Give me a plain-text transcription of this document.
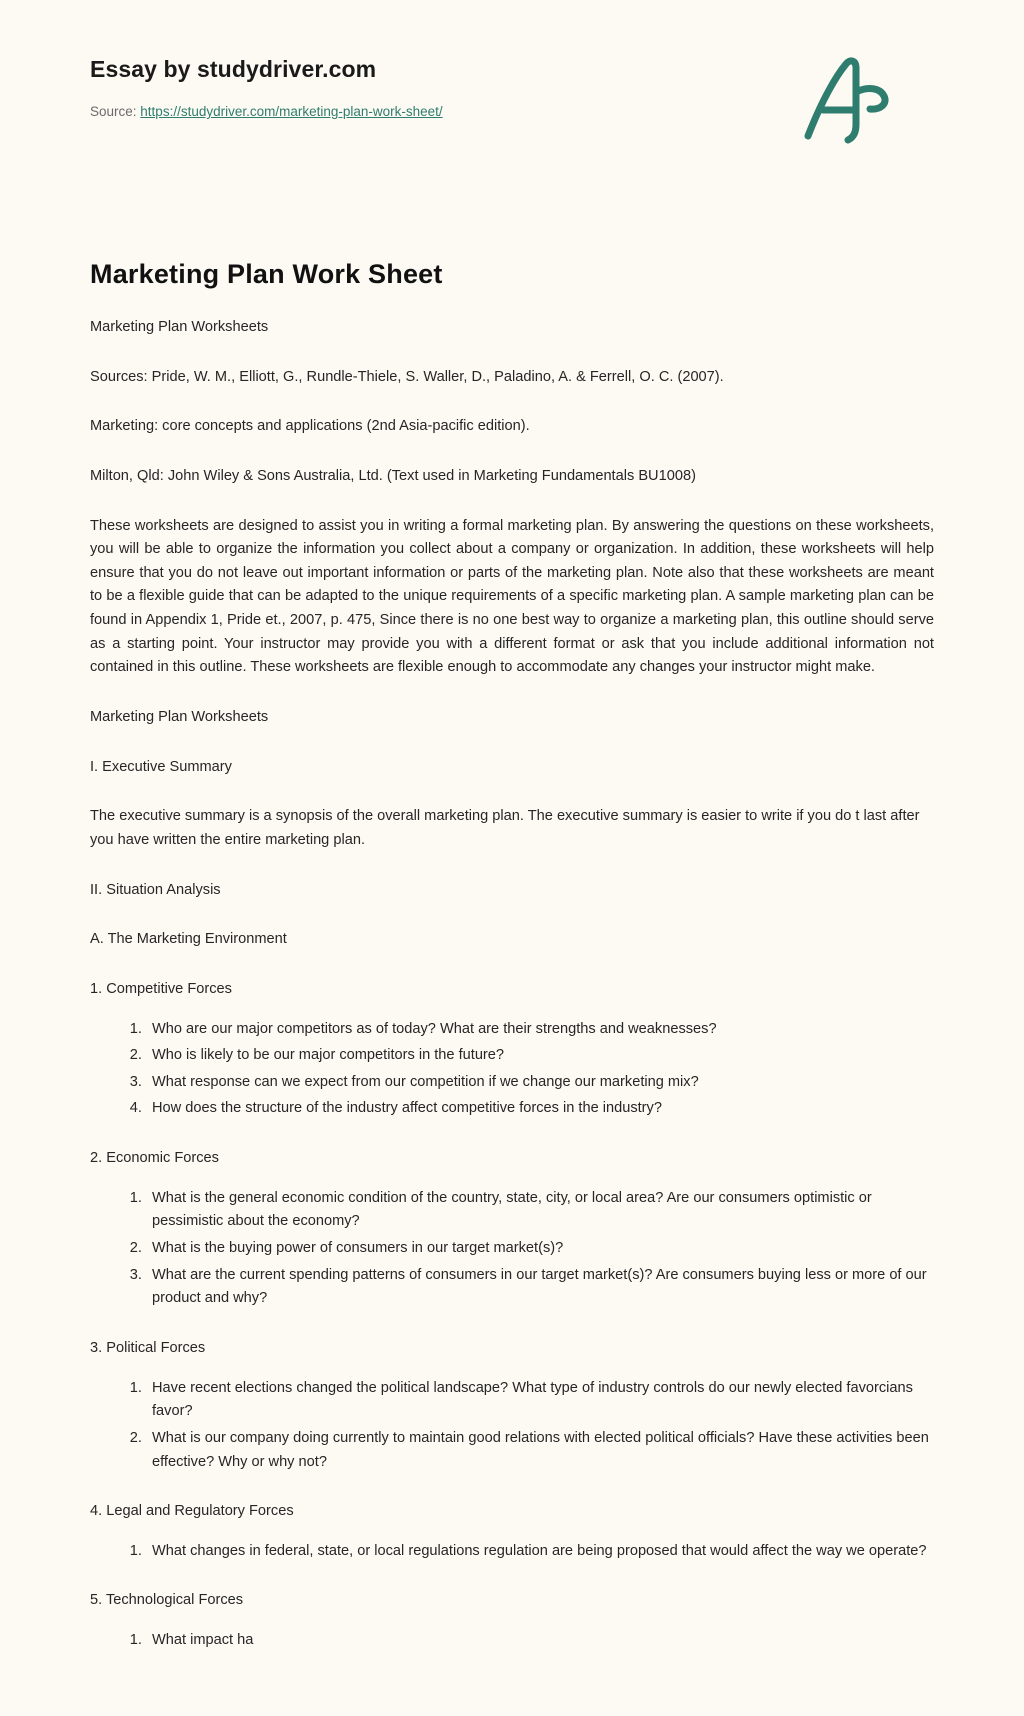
Essay by studydriver.com
Source: https://studydriver.com/marketing-plan-work-sheet/
Marketing Plan Work Sheet

Marketing Plan Worksheets

Sources: Pride, W. M., Elliott, G., Rundle-Thiele, S. Waller, D., Paladino, A. & Ferrell, O. C. (2007).

Marketing: core concepts and applications (2nd Asia-pacific edition).

Milton, Qld: John Wiley & Sons Australia, Ltd. (Text used in Marketing Fundamentals BU1008)

These worksheets are designed to assist you in writing a formal marketing plan. By answering the questions on these worksheets, you will be able to organize the information you collect about a company or organization. In addition, these worksheets will help ensure that you do not leave out important information or parts of the marketing plan. Note also that these worksheets are meant to be a flexible guide that can be adapted to the unique requirements of a specific marketing plan. A sample marketing plan can be found in Appendix 1, Pride et., 2007, p. 475, Since there is no one best way to organize a marketing plan, this outline should serve as a starting point. Your instructor may provide you with a different format or ask that you include additional information not contained in this outline. These worksheets are flexible enough to accommodate any changes your instructor might make.

Marketing Plan Worksheets

I. Executive Summary

The executive summary is a synopsis of the overall marketing plan. The executive summary is easier to write if you do t last after you have written the entire marketing plan.

II. Situation Analysis

A. The Marketing Environment

1. Competitive Forces

1. Who are our major competitors as of today? What are their strengths and weaknesses?
2. Who is likely to be our major competitors in the future?
3. What response can we expect from our competition if we change our marketing mix?
4. How does the structure of the industry affect competitive forces in the industry?

2. Economic Forces

1. What is the general economic condition of the country, state, city, or local area? Are our consumers optimistic or pessimistic about the economy?
2. What is the buying power of consumers in our target market(s)?
3. What are the current spending patterns of consumers in our target market(s)? Are consumers buying less or more of our product and why?

3. Political Forces

1. Have recent elections changed the political landscape? What type of industry controls do our newly elected favorcians favor?
2. What is our company doing currently to maintain good relations with elected political officials? Have these activities been effective? Why or why not?

4. Legal and Regulatory Forces

1. What changes in federal, state, or local regulations regulation are being proposed that would affect the way we operate?

5. Technological Forces

1. What impact ha
